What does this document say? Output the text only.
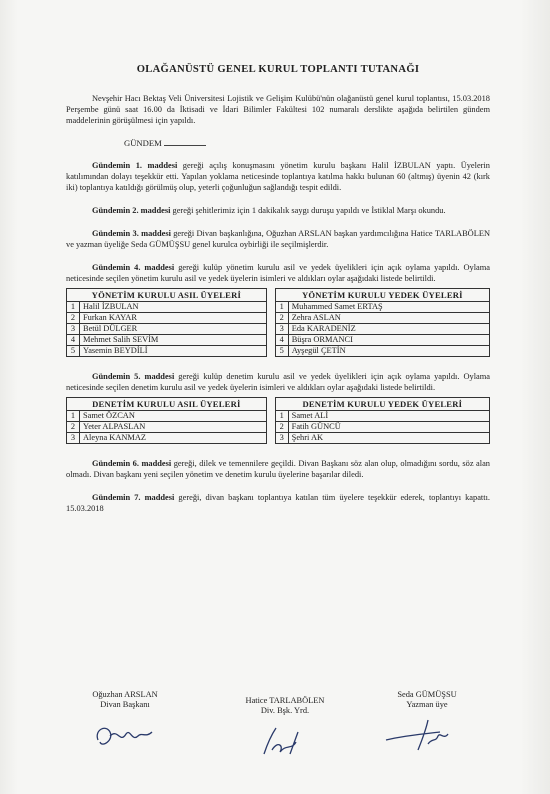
OLAĞANÜSTÜ GENEL KURUL TOPLANTI TUTANAĞI

Nevşehir Hacı Bektaş Veli Üniversitesi Lojistik ve Gelişim Kulübü'nün olağanüstü genel kurul toplantısı, 15.03.2018 Perşembe günü saat 16.00 da İktisadi ve İdari Bilimler Fakültesi 102 numaralı derslikte aşağıda belirtilen gündem maddelerinin görüşülmesi için yapıldı.

GÜNDEM

Gündemin 1. maddesi gereği açılış konuşmasını yönetim kurulu başkanı Halil İZBULAN yaptı. Üyelerin katılımından dolayı teşekkür etti. Yapılan yoklama neticesinde toplantıya katılma hakkı bulunan 60 (altmış) üyenin 42 (kırk iki) toplantıya katıldığı görülmüş olup, yeterli çoğunluğun sağlandığı tespit edildi.

Gündemin 2. maddesi gereği şehitlerimiz için 1 dakikalık saygı duruşu yapıldı ve İstiklal Marşı okundu.

Gündemin 3. maddesi gereği Divan başkanlığına, Oğuzhan ARSLAN başkan yardımcılığına Hatice TARLABÖLEN ve yazman üyeliğe Seda GÜMÜŞSU genel kurulca oybirliği ile seçilmişlerdir.

Gündemin 4. maddesi gereği kulüp yönetim kurulu asil ve yedek üyelikleri için açık oylama yapıldı. Oylama neticesinde seçilen yönetim kurulu asil ve yedek üyelerin isimleri ve aldıkları oylar aşağıdaki listede belirtildi.

YÖNETİM KURULU ASIL ÜYELERİ			YÖNETİM KURULU YEDEK ÜYELERİ	
1	Halil İZBULAN		1	Muhammed Samet ERTAŞ
2	Furkan KAYAR		2	Zehra ASLAN
3	Betül DÜLGER		3	Eda KARADENİZ
4	Mehmet Salih SEVİM		4	Büşra ORMANCI
5	Yasemin BEYDİLİ		5	Ayşegül ÇETİN

Gündemin 5. maddesi gereği kulüp denetim kurulu asil ve yedek üyelikleri için açık oylama yapıldı. Oylama neticesinde seçilen denetim kurulu asil ve yedek üyelerin isimleri ve aldıkları oylar aşağıdaki listede belirtildi.

DENETİM KURULU ASIL ÜYELERİ			DENETİM KURULU YEDEK ÜYELERİ	
1	Samet ÖZCAN		1	Samet ALİ
2	Yeter ALPASLAN		2	Fatih GÜNCÜ
3	Aleyna KANMAZ		3	Şehri AK

Gündemin 6. maddesi gereği, dilek ve temennilere geçildi. Divan Başkanı söz alan olup, olmadığını sordu, söz alan olmadı. Divan başkanı yeni seçilen yönetim ve denetim kurulu üyelerine başarılar diledi.

Gündemin 7. maddesi gereği, divan başkanı toplantıya katılan tüm üyelere teşekkür ederek, toplantıyı kapattı. 15.03.2018

Oğuzhan ARSLAN
Divan Başkanı	Hatice TARLABÖLEN
Div. Bşk. Yrd.
Seda GÜMÜŞSU
Yazman üye
